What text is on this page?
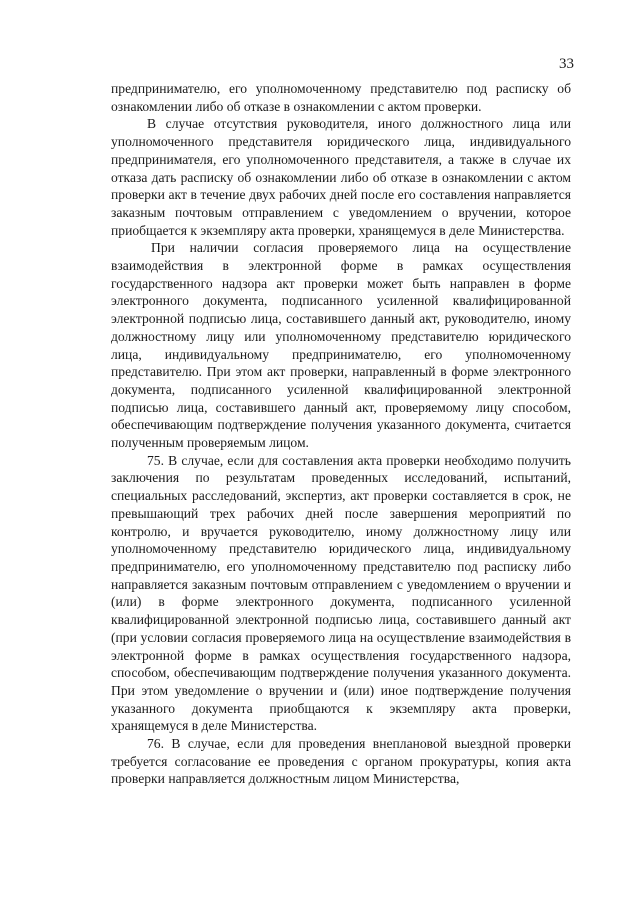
33

предпринимателю, его уполномоченному представителю под расписку об ознакомлении либо об отказе в ознакомлении с актом проверки.

В случае отсутствия руководителя, иного должностного лица или уполномоченного представителя юридического лица, индивидуального предпринимателя, его уполномоченного представителя, а также в случае их отказа дать расписку об ознакомлении либо об отказе в ознакомлении с актом проверки акт в течение двух рабочих дней после его составления направляется заказным почтовым отправлением с уведомлением о вручении, которое приобщается к экземпляру акта проверки, хранящемуся в деле Министерства.

При наличии согласия проверяемого лица на осуществление взаимодействия в электронной форме в рамках осуществления государственного надзора акт проверки может быть направлен в форме электронного документа, подписанного усиленной квалифицированной электронной подписью лица, составившего данный акт, руководителю, иному должностному лицу или уполномоченному представителю юридического лица, индивидуальному предпринимателю, его уполномоченному представителю. При этом акт проверки, направленный в форме электронного документа, подписанного усиленной квалифицированной электронной подписью лица, составившего данный акт, проверяемому лицу способом, обеспечивающим подтверждение получения указанного документа, считается полученным проверяемым лицом.

75. В случае, если для составления акта проверки необходимо получить заключения по результатам проведенных исследований, испытаний, специальных расследований, экспертиз, акт проверки составляется в срок, не превышающий трех рабочих дней после завершения мероприятий по контролю, и вручается руководителю, иному должностному лицу или уполномоченному представителю юридического лица, индивидуальному предпринимателю, его уполномоченному представителю под расписку либо направляется заказным почтовым отправлением с уведомлением о вручении и (или) в форме электронного документа, подписанного усиленной квалифицированной электронной подписью лица, составившего данный акт (при условии согласия проверяемого лица на осуществление взаимодействия в электронной форме в рамках осуществления государственного надзора, способом, обеспечивающим подтверждение получения указанного документа. При этом уведомление о вручении и (или) иное подтверждение получения указанного документа приобщаются к экземпляру акта проверки, хранящемуся в деле Министерства.

76. В случае, если для проведения внеплановой выездной проверки требуется согласование ее проведения с органом прокуратуры, копия акта проверки направляется должностным лицом Министерства,
